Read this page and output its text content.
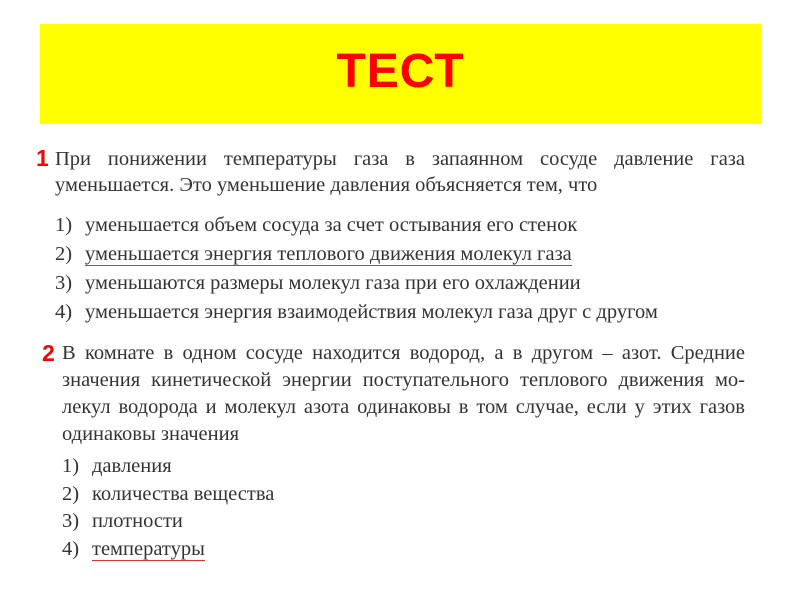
ТЕСТ
1 При понижении температуры газа в запаянном сосуде давление газа
уменьшается. Это уменьшение давления объясняется тем, что
1) уменьшается объем сосуда за счет остывания его стенок
2) уменьшается энергия теплового движения молекул газа
3) уменьшаются размеры молекул газа при его охлаждении
4) уменьшается энергия взаимодействия молекул газа друг с другом
2 В комнате в одном сосуде находится водород, а в другом – азот. Средние
значения кинетической энергии поступательного теплового движения мо-
лекул водорода и молекул азота одинаковы в том случае, если у этих газов
одинаковы значения
1) давления
2) количества вещества
3) плотности
4) температуры
